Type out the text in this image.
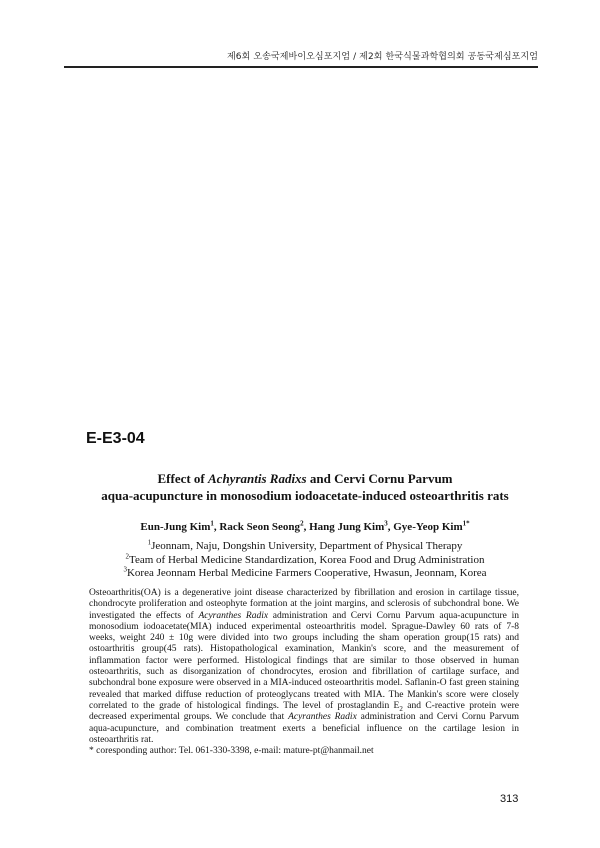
제6회 오송국제바이오심포지엄 / 제2회 한국식물과학협의회 공동국제심포지엄
E-E3-04
Effect of Achyrantis Radixs and Cervi Cornu Parvum
aqua-acupuncture in monosodium iodoacetate-induced osteoarthritis rats
Eun-Jung Kim$^1$, Rack Seon Seong$^2$, Hang Jung Kim$^3$, Gye-Yeop Kim$^{1*}$
$^1$Jeonnam, Naju, Dongshin University, Department of Physical Therapy
$^2$Team of Herbal Medicine Standardization, Korea Food and Drug Administration
$^3$Korea Jeonnam Herbal Medicine Farmers Cooperative, Hwasun, Jeonnam, Korea

Osteoarthritis(OA) is a degenerative joint disease characterized by fibrillation and erosion in cartilage tissue, chondrocyte proliferation and osteophyte formation at the joint margins, and sclerosis of subchondral bone. We investigated the effects of Acyranthes Radix administration and Cervi Cornu Parvum aqua-acupuncture in monosodium iodoacetate(MIA) induced experimental osteoarthritis model. Sprague-Dawley 60 rats of 7-8 weeks, weight 240 ± 10g were divided into two groups including the sham operation group(15 rats) and ostoarthritis group(45 rats). Histopathological examination, Mankin's score, and the measurement of inflammation factor were performed. Histological findings that are similar to those observed in human osteoarthritis, such as disorganization of chondrocytes, erosion and fibrillation of cartilage surface, and subchondral bone exposure were observed in a MIA-induced osteoarthritis model. Saflanin-O fast green staining revealed that marked diffuse reduction of proteoglycans treated with MIA. The Mankin's score were closely correlated to the grade of histological findings. The level of prostaglandin $E_2$ and C-reactive protein were decreased experimental groups. We conclude that Acyranthes Radix administration and Cervi Cornu Parvum aqua-acupuncture, and combination treatment exerts a beneficial influence on the cartilage lesion in osteoarthritis rat.

* coresponding author: Tel. 061-330-3398, e-mail: mature-pt@hanmail.net

313
